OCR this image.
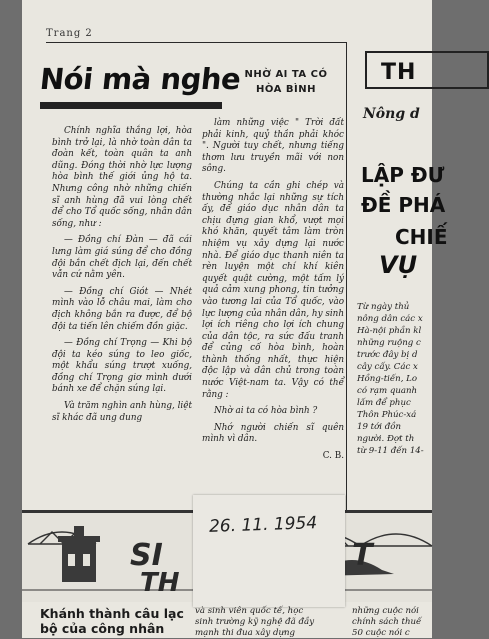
Trang 2
Nói mà nghe NHỜ AI TA CÓ
HÒA BÌNH

Chính nghĩa thắng lợi, hòa bình trở lại, là nhờ toàn dân ta đoàn kết, toàn quân ta anh dũng. Đóng thời nhờ lực lượng hòa bình thế giới ủng hộ ta. Nhưng công nhờ những chiến sĩ anh hùng đã vui lòng chết để cho Tổ quốc sống, nhân dân sống, như :

— Đồng chí Đàn — đã cái lưng làm giá súng để cho đồng đội bắn chết địch lại, đến chết vẫn cứ nằm yên.

— Đồng chí Giót — Nhét mình vào lỗ châu mai, làm cho địch không bắn ra được, để bộ đội ta tiến lên chiếm đồn giặc.

— Đồng chí Trọng — Khi bộ đội ta kéo súng to leo giốc, một khẩu súng trượt xuống, đồng chí Trọng giơ mình dưới bánh xe để chặn súng lại.

Và trăm nghìn anh hùng, liệt sĩ khác đã ung dung

làm những việc " Trời đất phải kinh, quỷ thần phải khóc ". Người tuy chết, nhưng tiếng thơm lưu truyền mãi với non sông.

Chúng ta cần ghi chép và thường nhắc lại những sự tích ấy, để giáo dục nhân dân ta chịu đựng gian khổ, vượt mọi khó khăn, quyết tâm làm tròn nhiệm vụ xây dựng lại nước nhà. Để giáo dục thanh niên ta rèn luyện một chí khí kiên quyết quật cường, một tấm lý quả cảm xung phong, tin tưởng vào tương lai của Tổ quốc, vào lực lượng của nhân dân, hy sinh lợi ích riêng cho lợi ích chung của dân tộc, ra sức đấu tranh để củng cố hòa bình, hoàn thành thống nhất, thực hiện độc lập và dân chủ trong toàn nước Việt-nam ta. Vậy có thể rằng :

Nhờ ai ta có hòa bình ?

Nhớ người chiến sĩ quên mình vì dân.

C. B.
TH
Nông d
LẬP ĐƯ
ĐỀ PHÁ
CHIẾ
VỤ
Từ ngày thủ
nông dân các x
Hà-nội phần kl
những ruộng c
trước đây bị d
cây cấy. Các x
Hồng-tiến, Lo
có rạm quanh
lấm để phục
Thôn Phúc-xá
19 tới đồn
người. Đợt th
từ 9-11 đến 14-
SI	T
TH
26. 11. 1954
Khánh thành câu lạc
bộ của công nhân
và sinh viên quốc tế, học
sinh trường kỹ nghệ đã đầy
mạnh thi đua xây dựng
những cuộc nói
chính sách thuế
50 cuộc nói c
